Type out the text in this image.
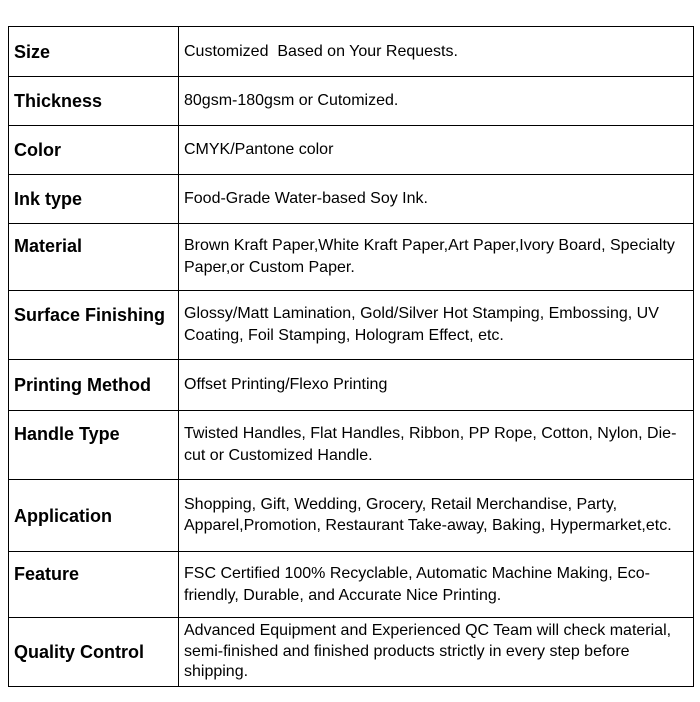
Size	Customized  Based on Your Requests.
Thickness	80gsm-180gsm or Cutomized.
Color	CMYK/Pantone color
Ink type	Food-Grade Water-based Soy Ink.
Material	Brown Kraft Paper,White Kraft Paper,Art Paper,Ivory Board, Specialty Paper,or Custom Paper.
Surface Finishing	Glossy/Matt Lamination, Gold/Silver Hot Stamping, Embossing, UV Coating, Foil Stamping, Hologram Effect, etc.
Printing Method	Offset Printing/Flexo Printing
Handle Type	Twisted Handles, Flat Handles, Ribbon, PP Rope, Cotton, Nylon, Die-cut or Customized Handle.
Application	Shopping, Gift, Wedding, Grocery, Retail Merchandise, Party,  Apparel,Promotion, Restaurant Take-away, Baking, Hypermarket,etc.
Feature	FSC Certified 100% Recyclable, Automatic Machine Making, Eco-friendly, Durable, and Accurate Nice Printing.
Quality Control	Advanced Equipment and Experienced QC Team will check material, semi-finished and finished products strictly in every step before shipping.
